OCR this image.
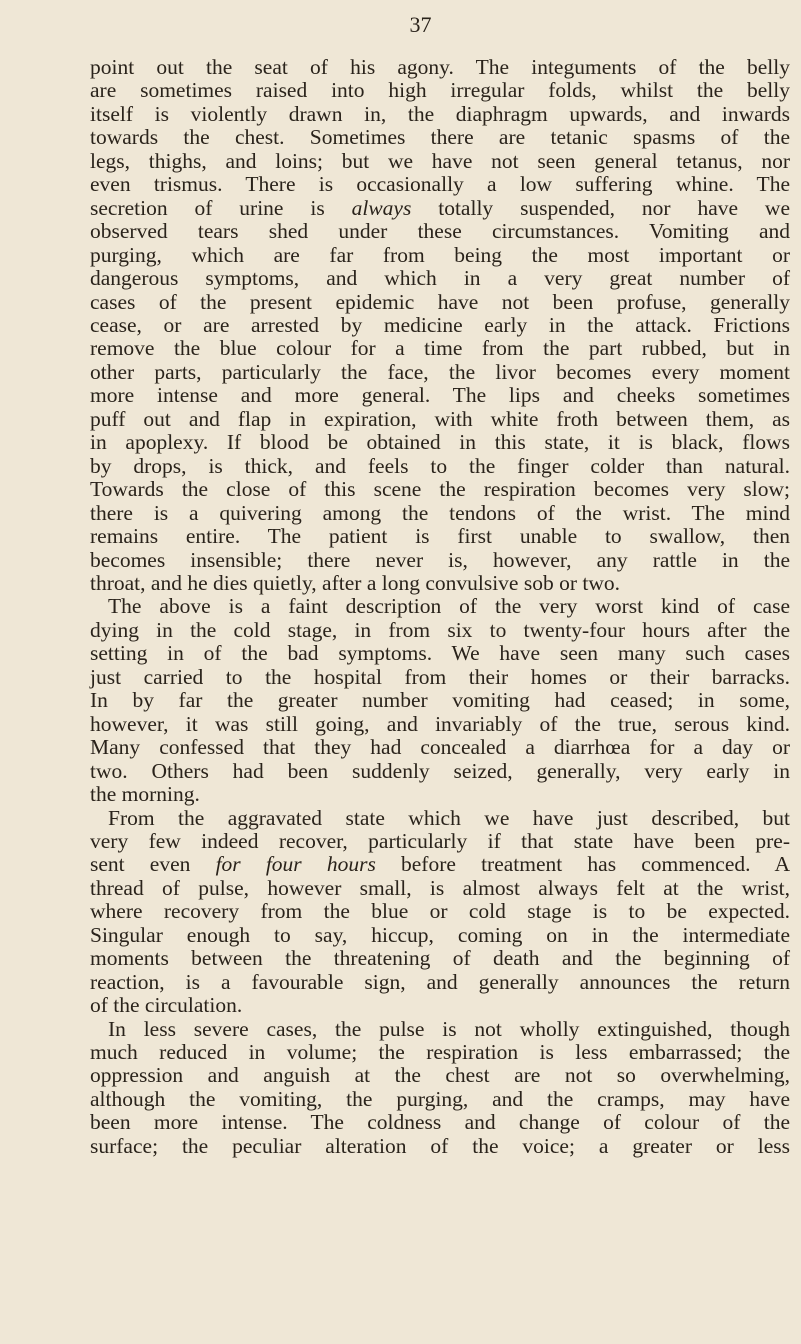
37
point out the seat of his agony. The integuments of the belly
are sometimes raised into high irregular folds, whilst the belly
itself is violently drawn in, the diaphragm upwards, and inwards
towards the chest. Sometimes there are tetanic spasms of the
legs, thighs, and loins; but we have not seen general tetanus, nor
even trismus. There is occasionally a low suffering whine. The
secretion of urine is always totally suspended, nor have we
observed tears shed under these circumstances. Vomiting and
purging, which are far from being the most important or
dangerous symptoms, and which in a very great number of
cases of the present epidemic have not been profuse, generally
cease, or are arrested by medicine early in the attack. Frictions
remove the blue colour for a time from the part rubbed, but in
other parts, particularly the face, the livor becomes every moment
more intense and more general. The lips and cheeks sometimes
puff out and flap in expiration, with white froth between them, as
in apoplexy. If blood be obtained in this state, it is black, flows
by drops, is thick, and feels to the finger colder than natural.
Towards the close of this scene the respiration becomes very slow;
there is a quivering among the tendons of the wrist. The mind
remains entire. The patient is first unable to swallow, then
becomes insensible; there never is, however, any rattle in the
throat, and he dies quietly, after a long convulsive sob or two.
The above is a faint description of the very worst kind of case
dying in the cold stage, in from six to twenty-four hours after the
setting in of the bad symptoms. We have seen many such cases
just carried to the hospital from their homes or their barracks.
In by far the greater number vomiting had ceased; in some,
however, it was still going, and invariably of the true, serous kind.
Many confessed that they had concealed a diarrhœa for a day or
two. Others had been suddenly seized, generally, very early in
the morning.
From the aggravated state which we have just described, but
very few indeed recover, particularly if that state have been pre-
sent even for four hours before treatment has commenced. A
thread of pulse, however small, is almost always felt at the wrist,
where recovery from the blue or cold stage is to be expected.
Singular enough to say, hiccup, coming on in the intermediate
moments between the threatening of death and the beginning of
reaction, is a favourable sign, and generally announces the return
of the circulation.
In less severe cases, the pulse is not wholly extinguished, though
much reduced in volume; the respiration is less embarrassed; the
oppression and anguish at the chest are not so overwhelming,
although the vomiting, the purging, and the cramps, may have
been more intense. The coldness and change of colour of the
surface; the peculiar alteration of the voice; a greater or less
